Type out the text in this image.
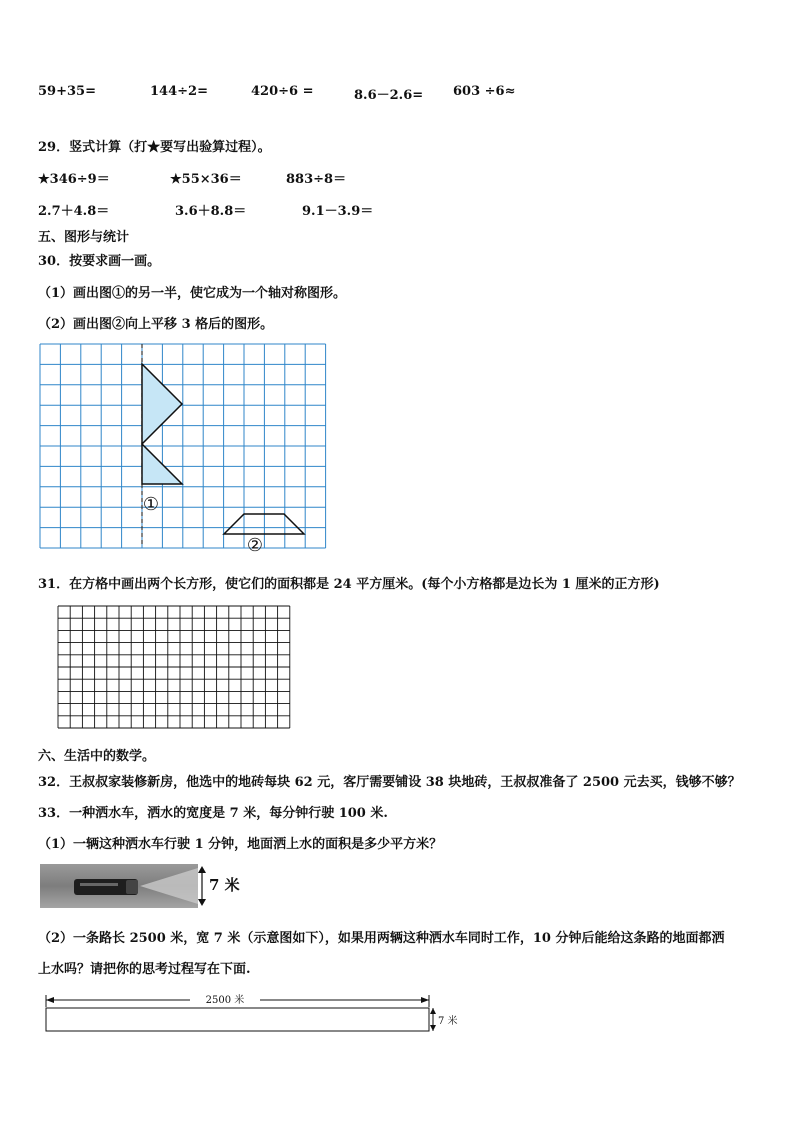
59+35=	144÷2=	420÷6 =	8.6－2.6= 603 ÷6≈
29．竖式计算（打★要写出验算过程）。
★346÷9＝	★55×36＝	883÷8＝
2.7＋4.8＝	3.6＋8.8＝	9.1－3.9＝
五、图形与统计
30．按要求画一画。
（1）画出图①的另一半，使它成为一个轴对称图形。
（2）画出图②向上平移 3 格后的图形。
①
②
31．在方格中画出两个长方形，使它们的面积都是 24 平方厘米。(每个小方格都是边长为 1 厘米的正方形)
六、生活中的数学。
32．王叔叔家装修新房，他选中的地砖每块 62 元，客厅需要铺设 38 块地砖，王叔叔准备了 2500 元去买，钱够不够？
33．一种洒水车，洒水的宽度是 7 米，每分钟行驶 100 米.
（1）一辆这种洒水车行驶 1 分钟，地面洒上水的面积是多少平方米？
7 米
（2）一条路长 2500 米，宽 7 米（示意图如下），如果用两辆这种洒水车同时工作，10 分钟后能给这条路的地面都洒
上水吗？请把你的思考过程写在下面.
2500 米
7 米
